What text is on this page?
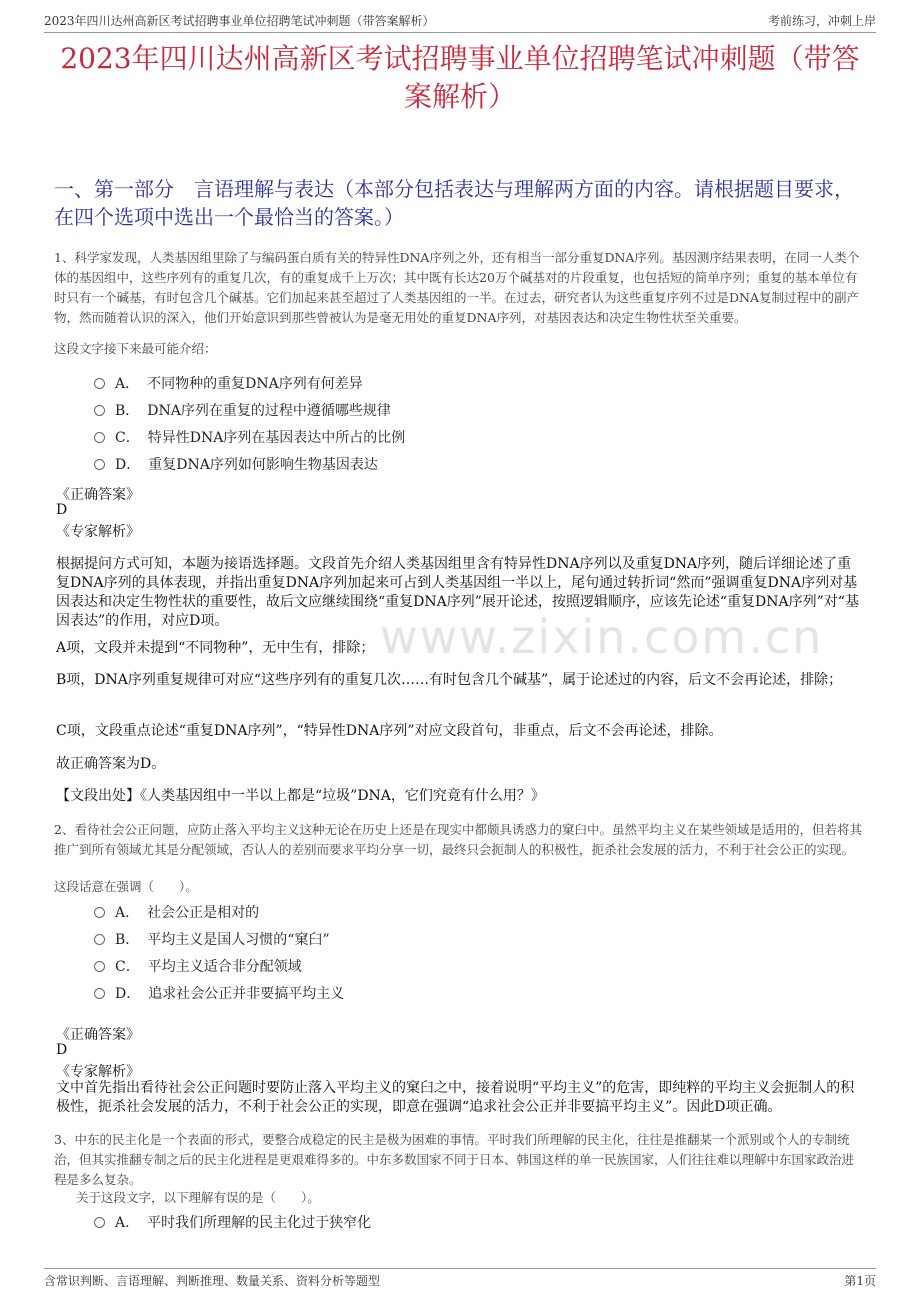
2023年四川达州高新区考试招聘事业单位招聘笔试冲刺题（带答案解析）	考前练习，冲刺上岸
2023年四川达州高新区考试招聘事业单位招聘笔试冲刺题（带答案解析）
一、第一部分　言语理解与表达（本部分包括表达与理解两方面的内容。请根据题目要求，在四个选项中选出一个最恰当的答案。）
www.zixin.com.cn
1、科学家发现，人类基因组里除了与编码蛋白质有关的特异性DNA序列之外，还有相当一部分重复DNA序列。基因测序结果表明，在同一人类个体的基因组中，这些序列有的重复几次，有的重复成千上万次；其中既有长达20万个碱基对的片段重复，也包括短的简单序列；重复的基本单位有时只有一个碱基，有时包含几个碱基。它们加起来甚至超过了人类基因组的一半。在过去，研究者认为这些重复序列不过是DNA复制过程中的副产物，然而随着认识的深入，他们开始意识到那些曾被认为是毫无用处的重复DNA序列，对基因表达和决定生物性状至关重要。
这段文字接下来最可能介绍：
A． 不同物种的重复DNA序列有何差异
B． DNA序列在重复的过程中遵循哪些规律
C． 特异性DNA序列在基因表达中所占的比例
D． 重复DNA序列如何影响生物基因表达
《正确答案》
D
《专家解析》
根据提问方式可知，本题为接语选择题。文段首先介绍人类基因组里含有特异性DNA序列以及重复DNA序列，随后详细论述了重复DNA序列的具体表现，并指出重复DNA序列加起来可占到人类基因组一半以上，尾句通过转折词“然而”强调重复DNA序列对基因表达和决定生物性状的重要性，故后文应继续围绕“重复DNA序列”展开论述，按照逻辑顺序，应该先论述“重复DNA序列”对“基因表达”的作用，对应D项。
A项，文段并未提到“不同物种”，无中生有，排除；
B项，DNA序列重复规律可对应“这些序列有的重复几次……有时包含几个碱基”，属于论述过的内容，后文不会再论述，排除；
C项，文段重点论述“重复DNA序列”，“特异性DNA序列”对应文段首句，非重点，后文不会再论述，排除。
故正确答案为D。
【文段出处】《人类基因组中一半以上都是“垃圾”DNA，它们究竟有什么用？》
2、看待社会公正问题，应防止落入平均主义这种无论在历史上还是在现实中都颇具诱惑力的窠臼中。虽然平均主义在某些领域是适用的，但若将其推广到所有领域尤其是分配领域，否认人的差别而要求平均分享一切，最终只会扼制人的积极性，扼杀社会发展的活力，不利于社会公正的实现。
这段话意在强调（　　）。
A． 社会公正是相对的
B． 平均主义是国人习惯的“窠臼”
C． 平均主义适合非分配领域
D． 追求社会公正并非要搞平均主义
《正确答案》
D
《专家解析》
文中首先指出看待社会公正问题时要防止落入平均主义的窠臼之中，接着说明“平均主义”的危害，即纯粹的平均主义会扼制人的积极性，扼杀社会发展的活力，不利于社会公正的实现，即意在强调“追求社会公正并非要搞平均主义”。因此D项正确。
3、中东的民主化是一个表面的形式，要整合成稳定的民主是极为困难的事情。平时我们所理解的民主化，往往是推翻某一个派别或个人的专制统治，但其实推翻专制之后的民主化进程是更艰难得多的。中东多数国家不同于日本、韩国这样的单一民族国家，人们往往难以理解中东国家政治进程是多么复杂。
关于这段文字，以下理解有误的是（　　）。
A． 平时我们所理解的民主化过于狭窄化
含常识判断、言语理解、判断推理、数量关系、资料分析等题型	第1页
